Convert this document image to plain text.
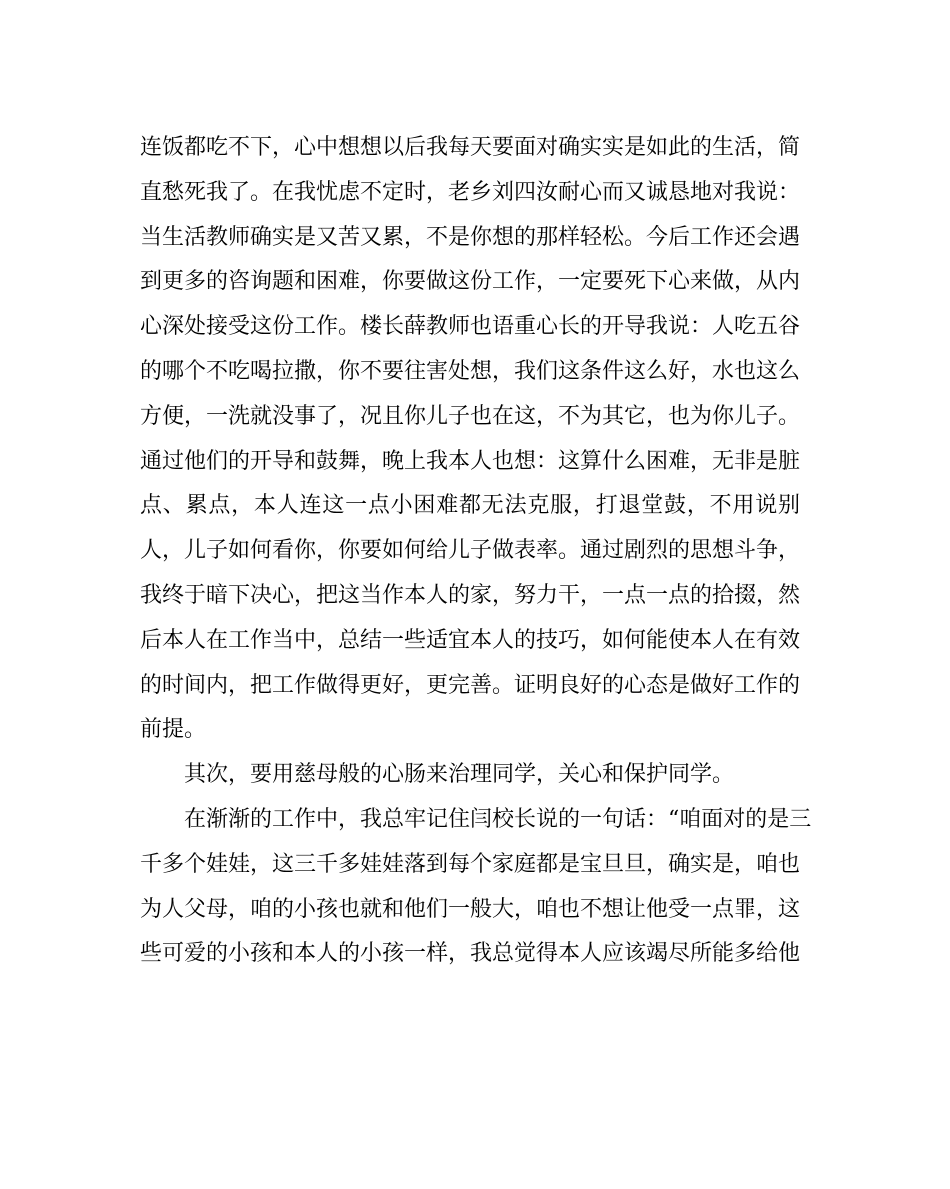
连饭都吃不下，心中想想以后我每天要面对确实实是如此的生活，简
直愁死我了。在我忧虑不定时，老乡刘四汝耐心而又诚恳地对我说：
当生活教师确实是又苦又累，不是你想的那样轻松。今后工作还会遇
到更多的咨询题和困难，你要做这份工作，一定要死下心来做，从内
心深处接受这份工作。楼长薛教师也语重心长的开导我说：人吃五谷
的哪个不吃喝拉撒，你不要往害处想，我们这条件这么好，水也这么
方便，一洗就没事了，况且你儿子也在这，不为其它，也为你儿子。
通过他们的开导和鼓舞，晚上我本人也想：这算什么困难，无非是脏
点、累点，本人连这一点小困难都无法克服，打退堂鼓，不用说别
人，儿子如何看你，你要如何给儿子做表率。通过剧烈的思想斗争，
我终于暗下决心，把这当作本人的家，努力干，一点一点的拾掇，然
后本人在工作当中，总结一些适宜本人的技巧，如何能使本人在有效
的时间内，把工作做得更好，更完善。证明良好的心态是做好工作的
前提。
其次，要用慈母般的心肠来治理同学，关心和保护同学。
在渐渐的工作中，我总牢记住闫校长说的一句话：“咱面对的是三
千多个娃娃，这三千多娃娃落到每个家庭都是宝旦旦，确实是，咱也
为人父母，咱的小孩也就和他们一般大，咱也不想让他受一点罪，这
些可爱的小孩和本人的小孩一样，我总觉得本人应该竭尽所能多给他
